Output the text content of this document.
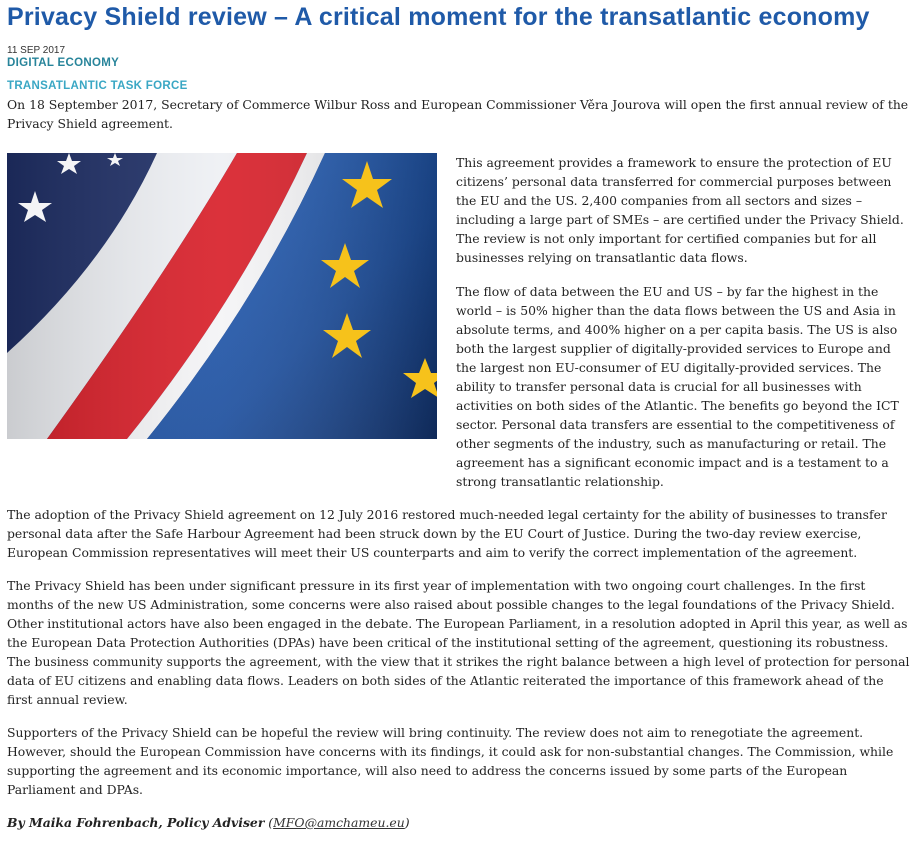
Privacy Shield review – A critical moment for the transatlantic economy
11 SEP 2017
DIGITAL ECONOMY
TRANSATLANTIC TASK FORCE

On 18 September 2017, Secretary of Commerce Wilbur Ross and European Commissioner Věra Jourova will open the first annual review of the Privacy Shield agreement.

This agreement provides a framework to ensure the protection of EU citizens’ personal data transferred for commercial purposes between the EU and the US. 2,400 companies from all sectors and sizes – including a large part of SMEs – are certified under the Privacy Shield. The review is not only important for certified companies but for all businesses relying on transatlantic data flows.

The flow of data between the EU and US – by far the highest in the world – is 50% higher than the data flows between the US and Asia in absolute terms, and 400% higher on a per capita basis. The US is also both the largest supplier of digitally-provided services to Europe and the largest non EU-consumer of EU digitally-provided services. The ability to transfer personal data is crucial for all businesses with activities on both sides of the Atlantic. The benefits go beyond the ICT sector. Personal data transfers are essential to the competitiveness of other segments of the industry, such as manufacturing or retail. The agreement has a significant economic impact and is a testament to a strong transatlantic relationship.

The adoption of the Privacy Shield agreement on 12 July 2016 restored much-needed legal certainty for the ability of businesses to transfer personal data after the Safe Harbour Agreement had been struck down by the EU Court of Justice. During the two-day review exercise, European Commission representatives will meet their US counterparts and aim to verify the correct implementation of the agreement.

The Privacy Shield has been under significant pressure in its first year of implementation with two ongoing court challenges. In the first months of the new US Administration, some concerns were also raised about possible changes to the legal foundations of the Privacy Shield. Other institutional actors have also been engaged in the debate. The European Parliament, in a resolution adopted in April this year, as well as the European Data Protection Authorities (DPAs) have been critical of the institutional setting of the agreement, questioning its robustness. The business community supports the agreement, with the view that it strikes the right balance between a high level of protection for personal data of EU citizens and enabling data flows. Leaders on both sides of the Atlantic reiterated the importance of this framework ahead of the first annual review.

Supporters of the Privacy Shield can be hopeful the review will bring continuity. The review does not aim to renegotiate the agreement. However, should the European Commission have concerns with its findings, it could ask for non-substantial changes. The Commission, while supporting the agreement and its economic importance, will also need to address the concerns issued by some parts of the European Parliament and DPAs.

By Maika Fohrenbach, Policy Adviser (MFO@amchameu.eu)
